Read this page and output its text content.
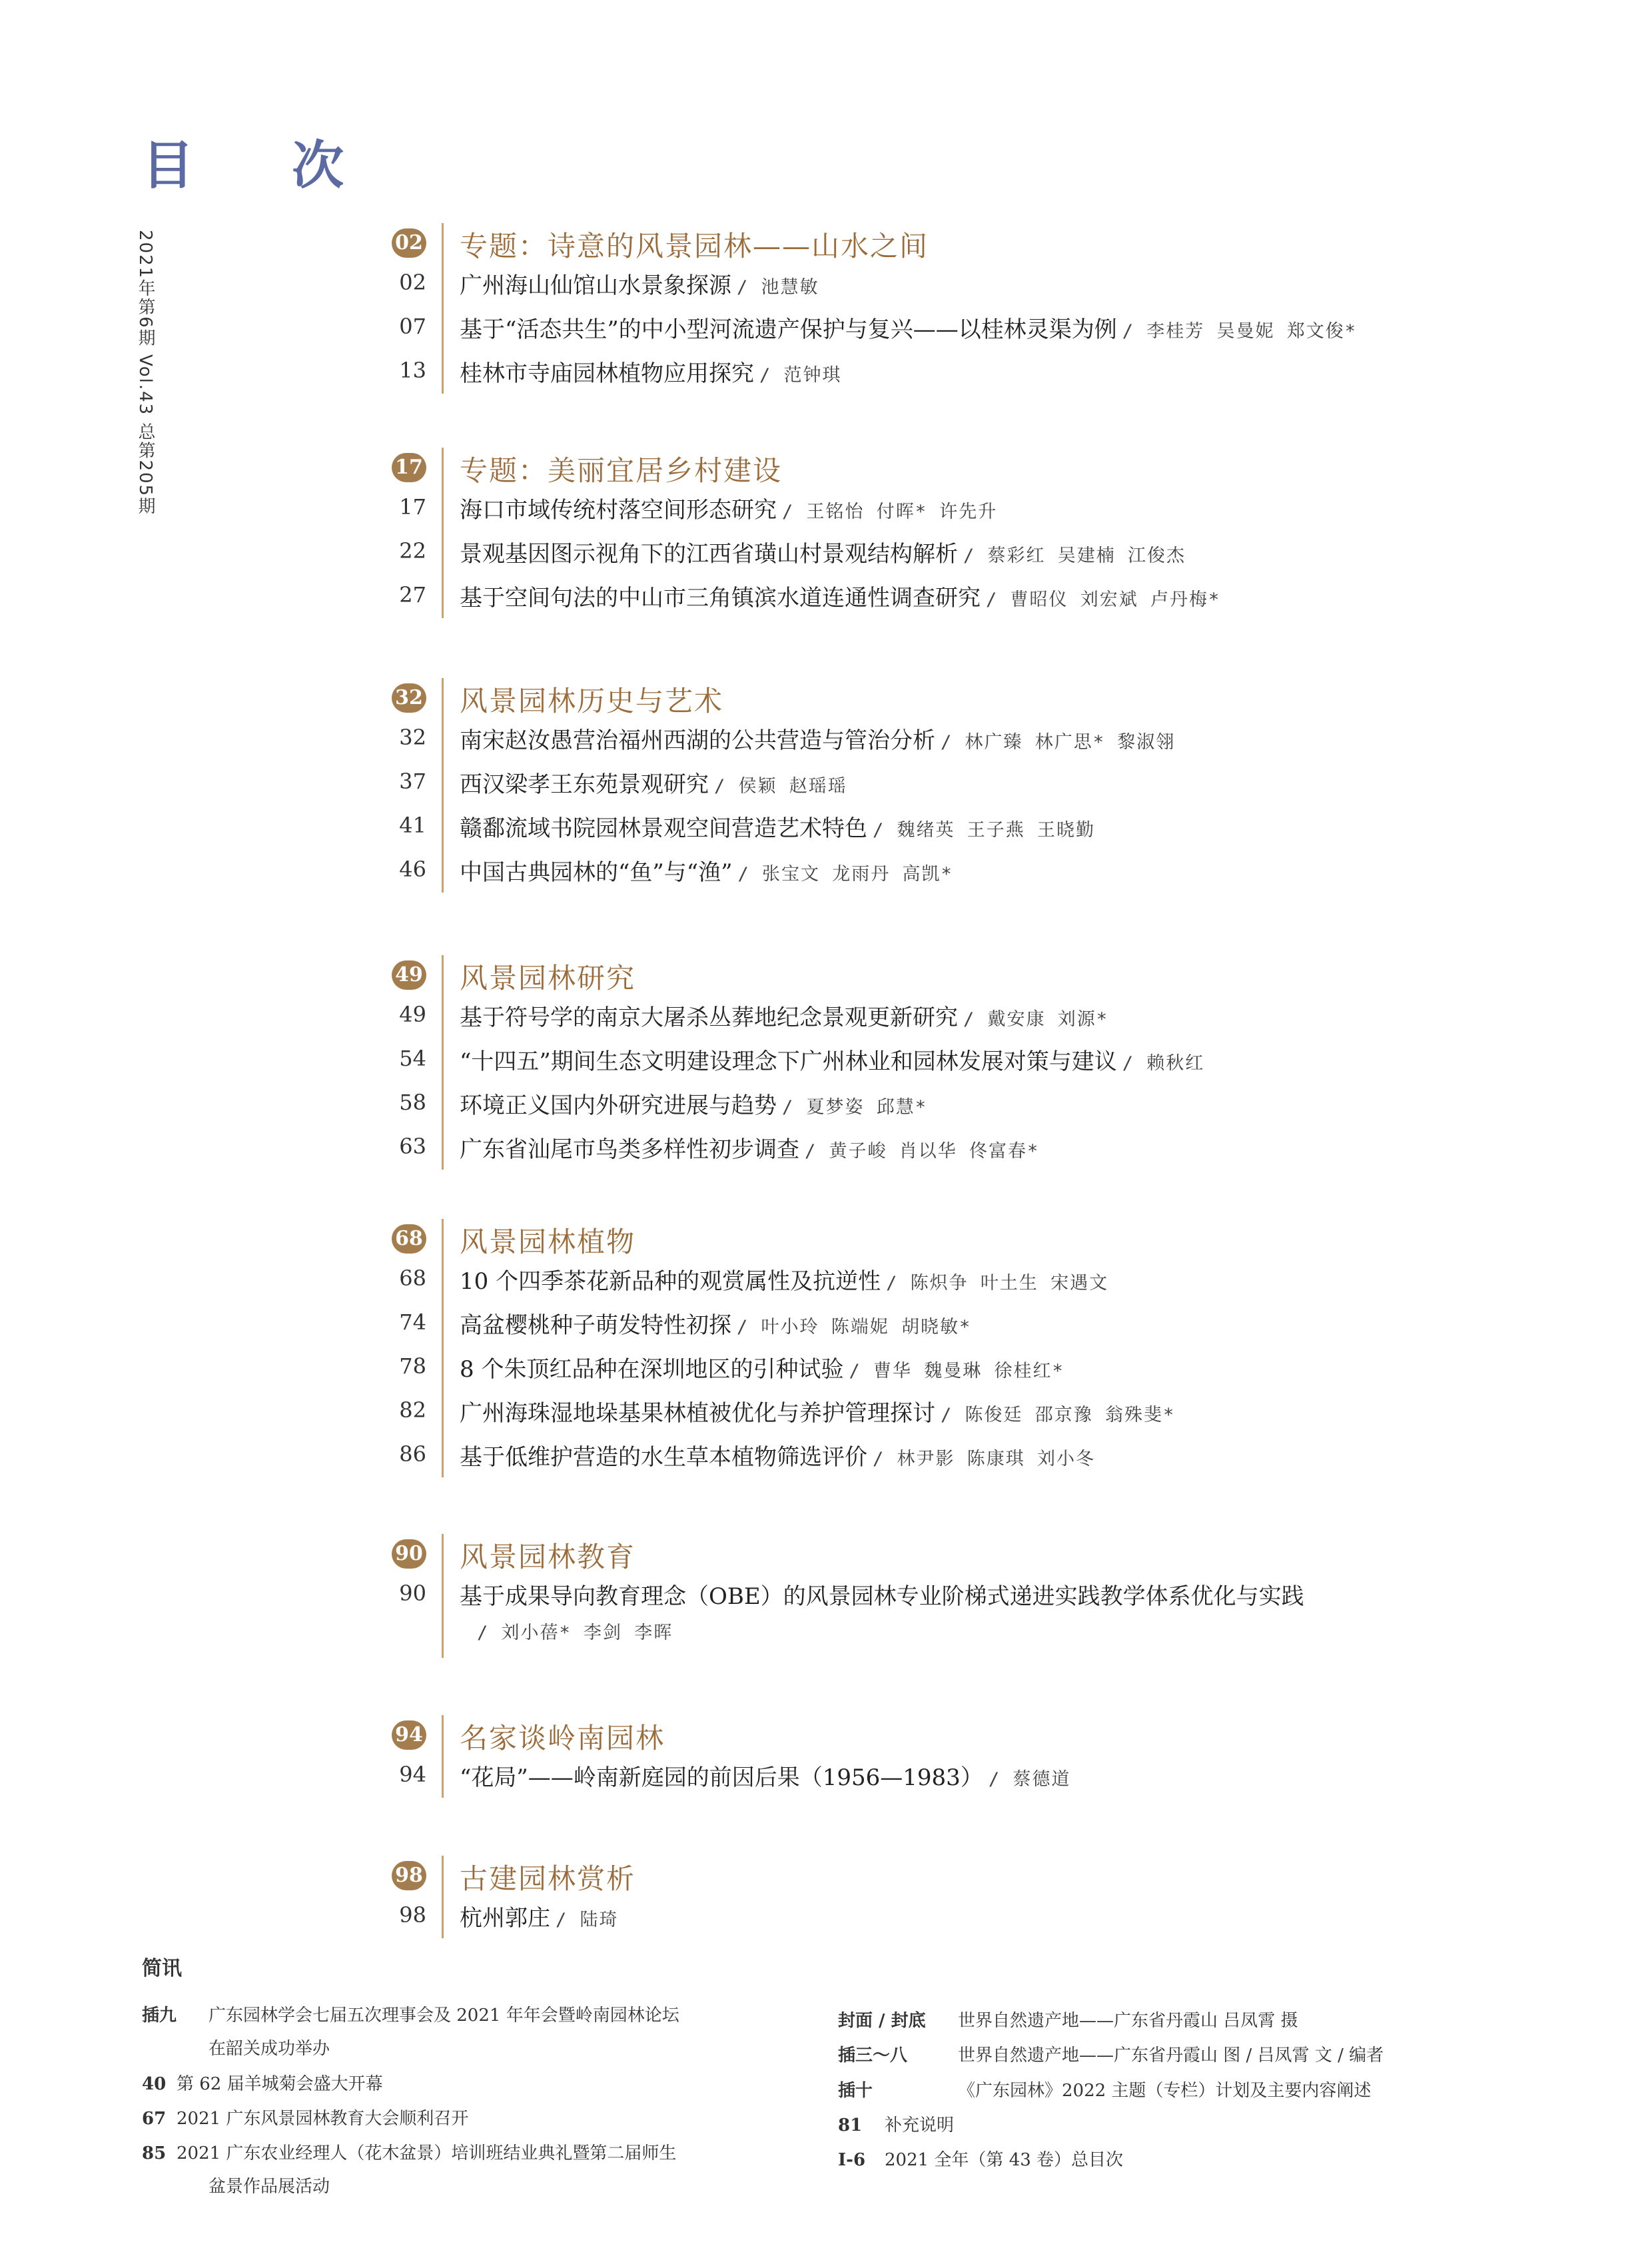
目 次
2021年第6期 Vol.43 总第205期	02 专题：诗意的风景园林——山水之间
02 广州海山仙馆山水景象探源 / 池慧敏
07 基于“活态共生”的中小型河流遗产保护与复兴——以桂林灵渠为例 / 李桂芳 吴曼妮 郑文俊*
13 桂林市寺庙园林植物应用探究 / 范钟琪
17 专题：美丽宜居乡村建设
17 海口市域传统村落空间形态研究 / 王铭怡 付晖* 许先升
22 景观基因图示视角下的江西省璜山村景观结构解析 / 蔡彩红 吴建楠 江俊杰
27 基于空间句法的中山市三角镇滨水道连通性调查研究 / 曹昭仪 刘宏斌 卢丹梅*
32 风景园林历史与艺术
32 南宋赵汝愚营治福州西湖的公共营造与管治分析 / 林广臻 林广思* 黎淑翎
37 西汉梁孝王东苑景观研究 / 侯颖 赵瑶瑶
41 赣鄱流域书院园林景观空间营造艺术特色 / 魏绪英 王子燕 王晓勤
46 中国古典园林的“鱼”与“渔” / 张宝文 龙雨丹 高凯*
49 风景园林研究
49 基于符号学的南京大屠杀丛葬地纪念景观更新研究 / 戴安康 刘源*
54 “十四五”期间生态文明建设理念下广州林业和园林发展对策与建议 / 赖秋红
58 环境正义国内外研究进展与趋势 / 夏梦姿 邱慧*
63 广东省汕尾市鸟类多样性初步调查 / 黄子峻 肖以华 佟富春*
68 风景园林植物
68 10 个四季茶花新品种的观赏属性及抗逆性 / 陈炽争 叶土生 宋遇文
74 高盆樱桃种子萌发特性初探 / 叶小玲 陈端妮 胡晓敏*
78 8 个朱顶红品种在深圳地区的引种试验 / 曹华 魏曼琳 徐桂红*
82 广州海珠湿地垛基果林植被优化与养护管理探讨 / 陈俊廷 邵京豫 翁殊斐*
86 基于低维护营造的水生草本植物筛选评价 / 林尹影 陈康琪 刘小冬
90 风景园林教育
90 基于成果导向教育理念（OBE）的风景园林专业阶梯式递进实践教学体系优化与实践
/ 刘小蓓* 李剑 李晖
94 名家谈岭南园林
94 “花局”——岭南新庭园的前因后果（1956—1983） / 蔡德道
98 古建园林赏析
98 杭州郭庄 / 陆琦
简讯
插九 广东园林学会七届五次理事会及 2021 年年会暨岭南园林论坛
在韶关成功举办
40 第 62 届羊城菊会盛大开幕
67 2021 广东风景园林教育大会顺利召开
85 2021 广东农业经理人（花木盆景）培训班结业典礼暨第二届师生
盆景作品展活动
封面 / 封底 世界自然遗产地——广东省丹霞山 吕凤霄 摄
插三～八	世界自然遗产地——广东省丹霞山 图 / 吕凤霄 文 / 编者
插十	《广东园林》2022 主题（专栏）计划及主要内容阐述
81 补充说明
I-6 2021 全年（第 43 卷）总目次
